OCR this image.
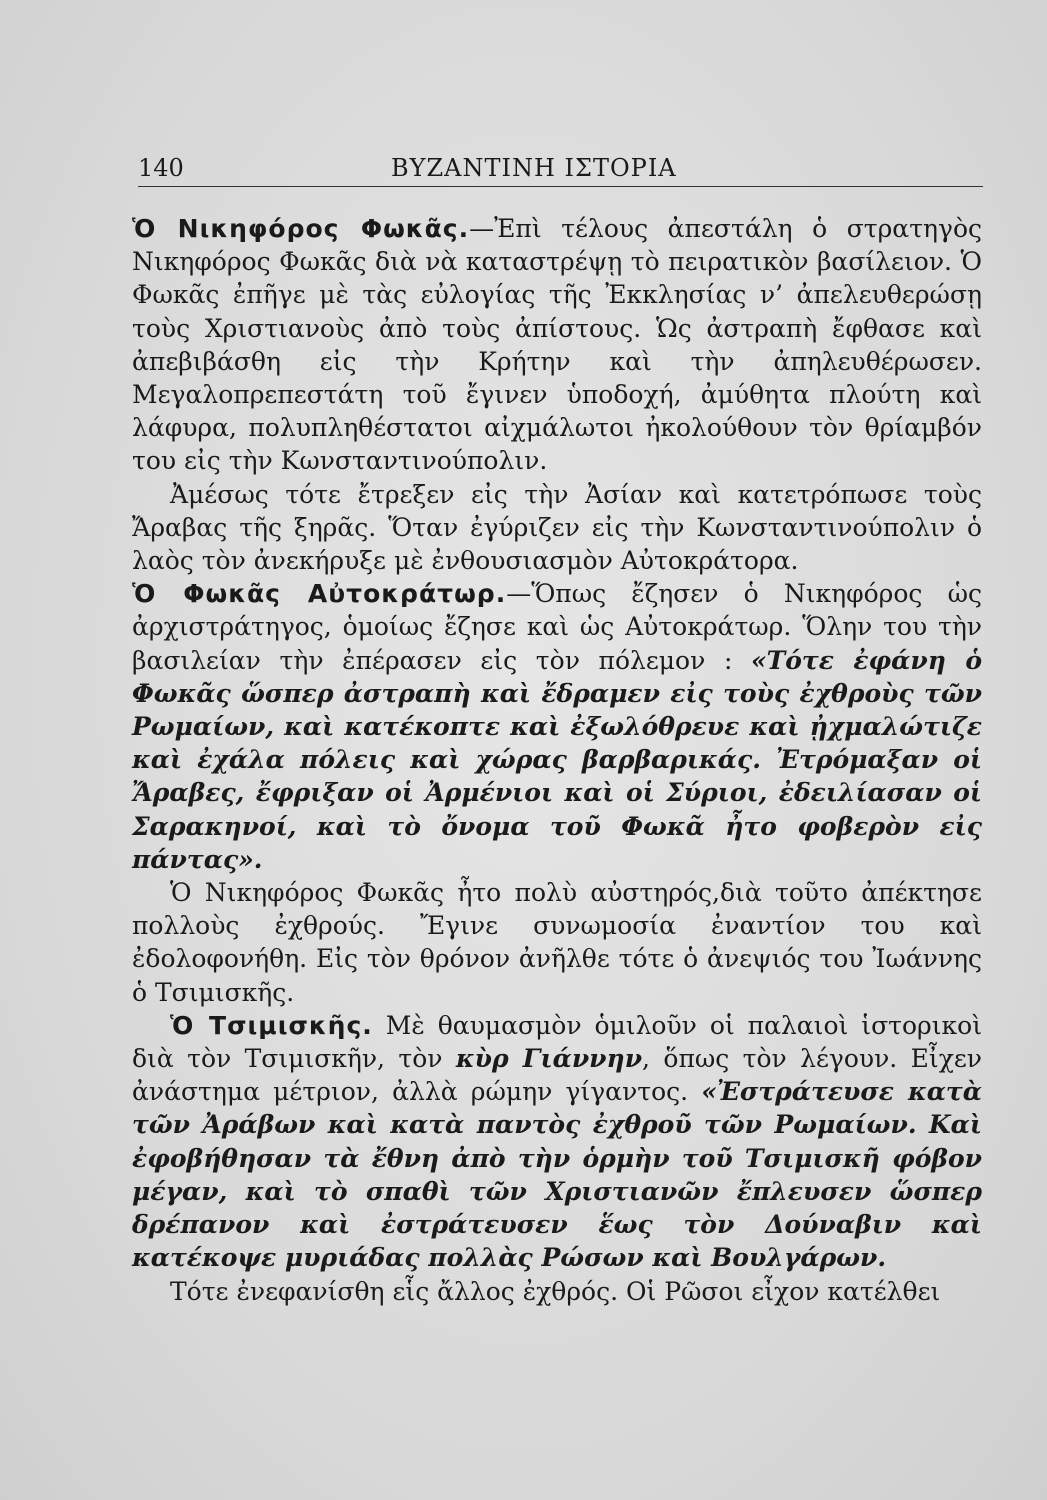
140	ΒΥΖΑΝΤΙΝΗ ΙΣΤΟΡΙΑ

Ὁ Νικηφόρος Φωκᾶς.—Ἐπὶ τέλους ἀπεστάλη ὁ στρατηγὸς Νικηφόρος Φωκᾶς διὰ νὰ καταστρέψῃ τὸ πειρατικὸν βασίλειον. Ὁ Φωκᾶς ἐπῆγε μὲ τὰς εὐλογίας τῆς Ἐκκλησίας ν’ ἀπελευθερώσῃ τοὺς Χριστιανοὺς ἀπὸ τοὺς ἀπίστους. Ὡς ἀστραπὴ ἔφθασε καὶ ἀπεβιβάσθη εἰς τὴν Κρήτην καὶ τὴν ἀπηλευθέρωσεν. Μεγαλοπρεπεστάτη τοῦ ἔγινεν ὑποδοχή, ἀμύθητα πλούτη καὶ λάφυρα, πολυπληθέστατοι αἰχμάλωτοι ἠκολούθουν τὸν θρίαμβόν του εἰς τὴν Κωνσταντινούπολιν.

Ἀμέσως τότε ἔτρεξεν εἰς τὴν Ἀσίαν καὶ κατετρόπωσε τοὺς Ἄραβας τῆς ξηρᾶς. Ὅταν ἐγύριζεν εἰς τὴν Κωνσταντινούπολιν ὁ λαὸς τὸν ἀνεκήρυξε μὲ ἐνθουσιασμὸν Αὐτοκράτορα.

Ὁ Φωκᾶς Αὐτοκράτωρ.—Ὅπως ἔζησεν ὁ Νικηφόρος ὡς ἀρχιστράτηγος, ὁμοίως ἔζησε καὶ ὡς Αὐτοκράτωρ. Ὅλην του τὴν βασιλείαν τὴν ἐπέρασεν εἰς τὸν πόλεμον : «Τότε ἐφάνη ὁ Φωκᾶς ὥσπερ ἀστραπὴ καὶ ἔδραμεν εἰς τοὺς ἐχθροὺς τῶν Ρωμαίων, καὶ κατέκοπτε καὶ ἐξωλόθρευε καὶ ᾐχμαλώτιζε καὶ ἐχάλα πόλεις καὶ χώρας βαρβαρικάς. Ἐτρόμαξαν οἱ Ἄραβες, ἔφριξαν οἱ Ἀρμένιοι καὶ οἱ Σύριοι, ἐδειλίασαν οἱ Σαρακηνοί, καὶ τὸ ὄνομα τοῦ Φωκᾶ ἦτο φοβερὸν εἰς πάντας».

Ὁ Νικηφόρος Φωκᾶς ἦτο πολὺ αὐστηρός,διὰ τοῦτο ἀπέκτησε πολλοὺς ἐχθρούς. Ἔγινε συνωμοσία ἐναντίον του καὶ ἐδολοφονήθη. Εἰς τὸν θρόνον ἀνῆλθε τότε ὁ ἀνεψιός του Ἰωάννης ὁ Τσιμισκῆς.

Ὁ Τσιμισκῆς. Μὲ θαυμασμὸν ὁμιλοῦν οἱ παλαιοὶ ἱστορικοὶ διὰ τὸν Τσιμισκῆν, τὸν κὺρ Γιάννην, ὅπως τὸν λέγουν. Εἶχεν ἀνάστημα μέτριον, ἀλλὰ ρώμην γίγαντος. «Ἐστράτευσε κατὰ τῶν Ἀράβων καὶ κατὰ παντὸς ἐχθροῦ τῶν Ρωμαίων. Καὶ ἐφοβήθησαν τὰ ἔθνη ἀπὸ τὴν ὁρμὴν τοῦ Τσιμισκῆ φόβον μέγαν, καὶ τὸ σπαθὶ τῶν Χριστιανῶν ἔπλευσεν ὥσπερ δρέπανον καὶ ἐστράτευσεν ἕως τὸν Δούναβιν καὶ κατέκοψε μυριάδας πολλὰς Ρώσων καὶ Βουλγάρων.

Τότε ἐνεφανίσθη εἷς ἄλλος ἐχθρός. Οἱ Ρῶσοι εἶχον κατέλθει
